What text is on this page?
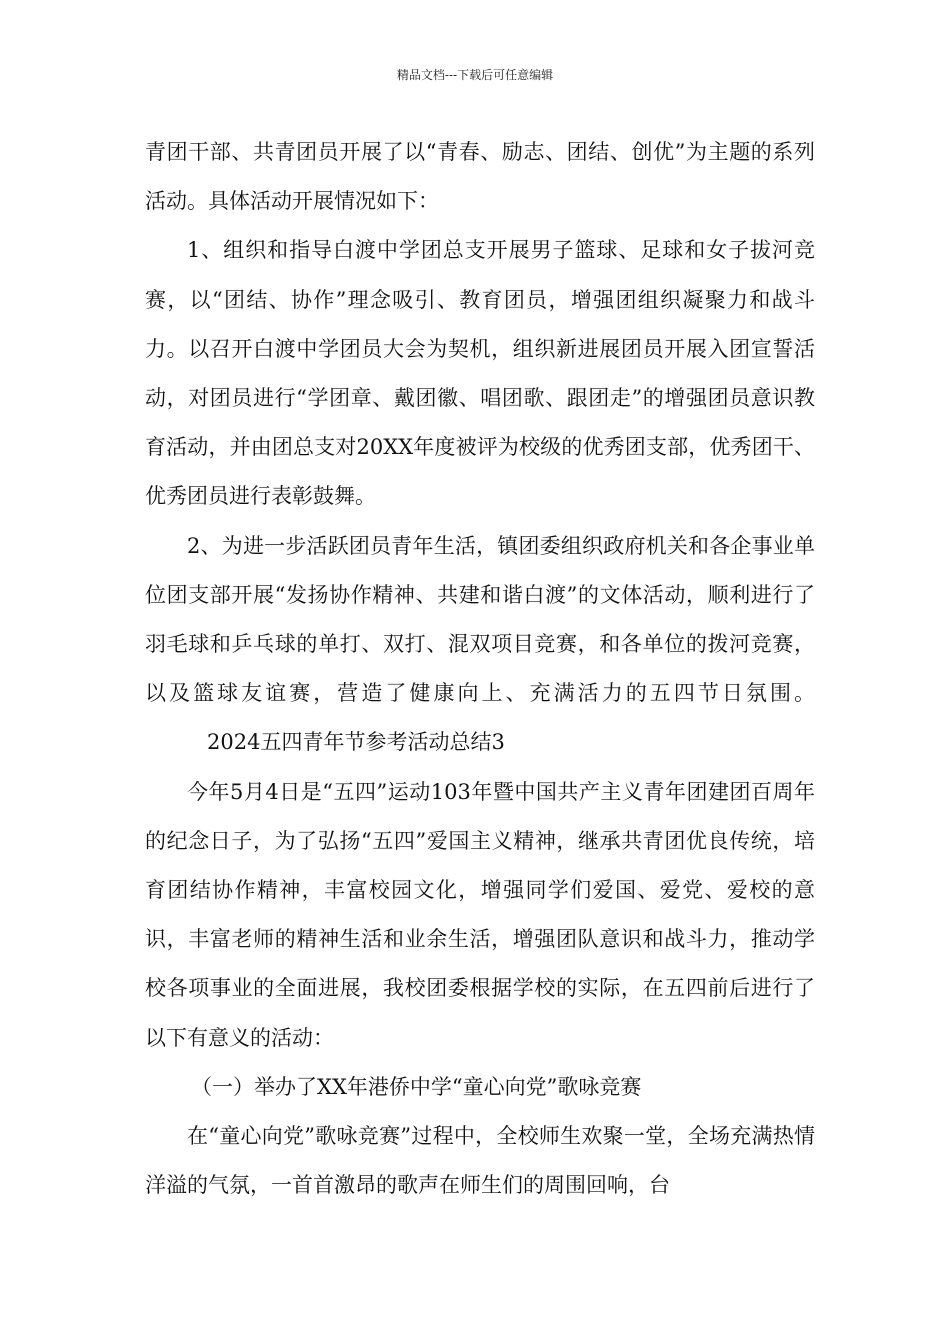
精品文档---下载后可任意编辑

青团干部、共青团员开展了以“青春、励志、团结、创优”为主题的系列活动。具体活动开展情况如下：

1、组织和指导白渡中学团总支开展男子篮球、足球和女子拔河竞赛，以“团结、协作”理念吸引、教育团员，增强团组织凝聚力和战斗力。以召开白渡中学团员大会为契机，组织新进展团员开展入团宣誓活动，对团员进行“学团章、戴团徽、唱团歌、跟团走”的增强团员意识教育活动，并由团总支对20XX年度被评为校级的优秀团支部，优秀团干、优秀团员进行表彰鼓舞。

2、为进一步活跃团员青年生活，镇团委组织政府机关和各企事业单位团支部开展“发扬协作精神、共建和谐白渡”的文体活动，顺利进行了羽毛球和乒乓球的单打、双打、混双项目竞赛，和各单位的拨河竞赛，以及篮球友谊赛，营造了健康向上、充满活力的五四节日氛围。2024五四青年节参考活动总结3

今年5月4日是“五四”运动103年暨中国共产主义青年团建团百周年的纪念日子，为了弘扬“五四”爱国主义精神，继承共青团优良传统，培育团结协作精神，丰富校园文化，增强同学们爱国、爱党、爱校的意识，丰富老师的精神生活和业余生活，增强团队意识和战斗力，推动学校各项事业的全面进展，我校团委根据学校的实际，在五四前后进行了以下有意义的活动：

（一）举办了XX年港侨中学“童心向党”歌咏竞赛

在“童心向党”歌咏竞赛”过程中，全校师生欢聚一堂，全场充满热情洋溢的气氛，一首首激昂的歌声在师生们的周围回响，台
